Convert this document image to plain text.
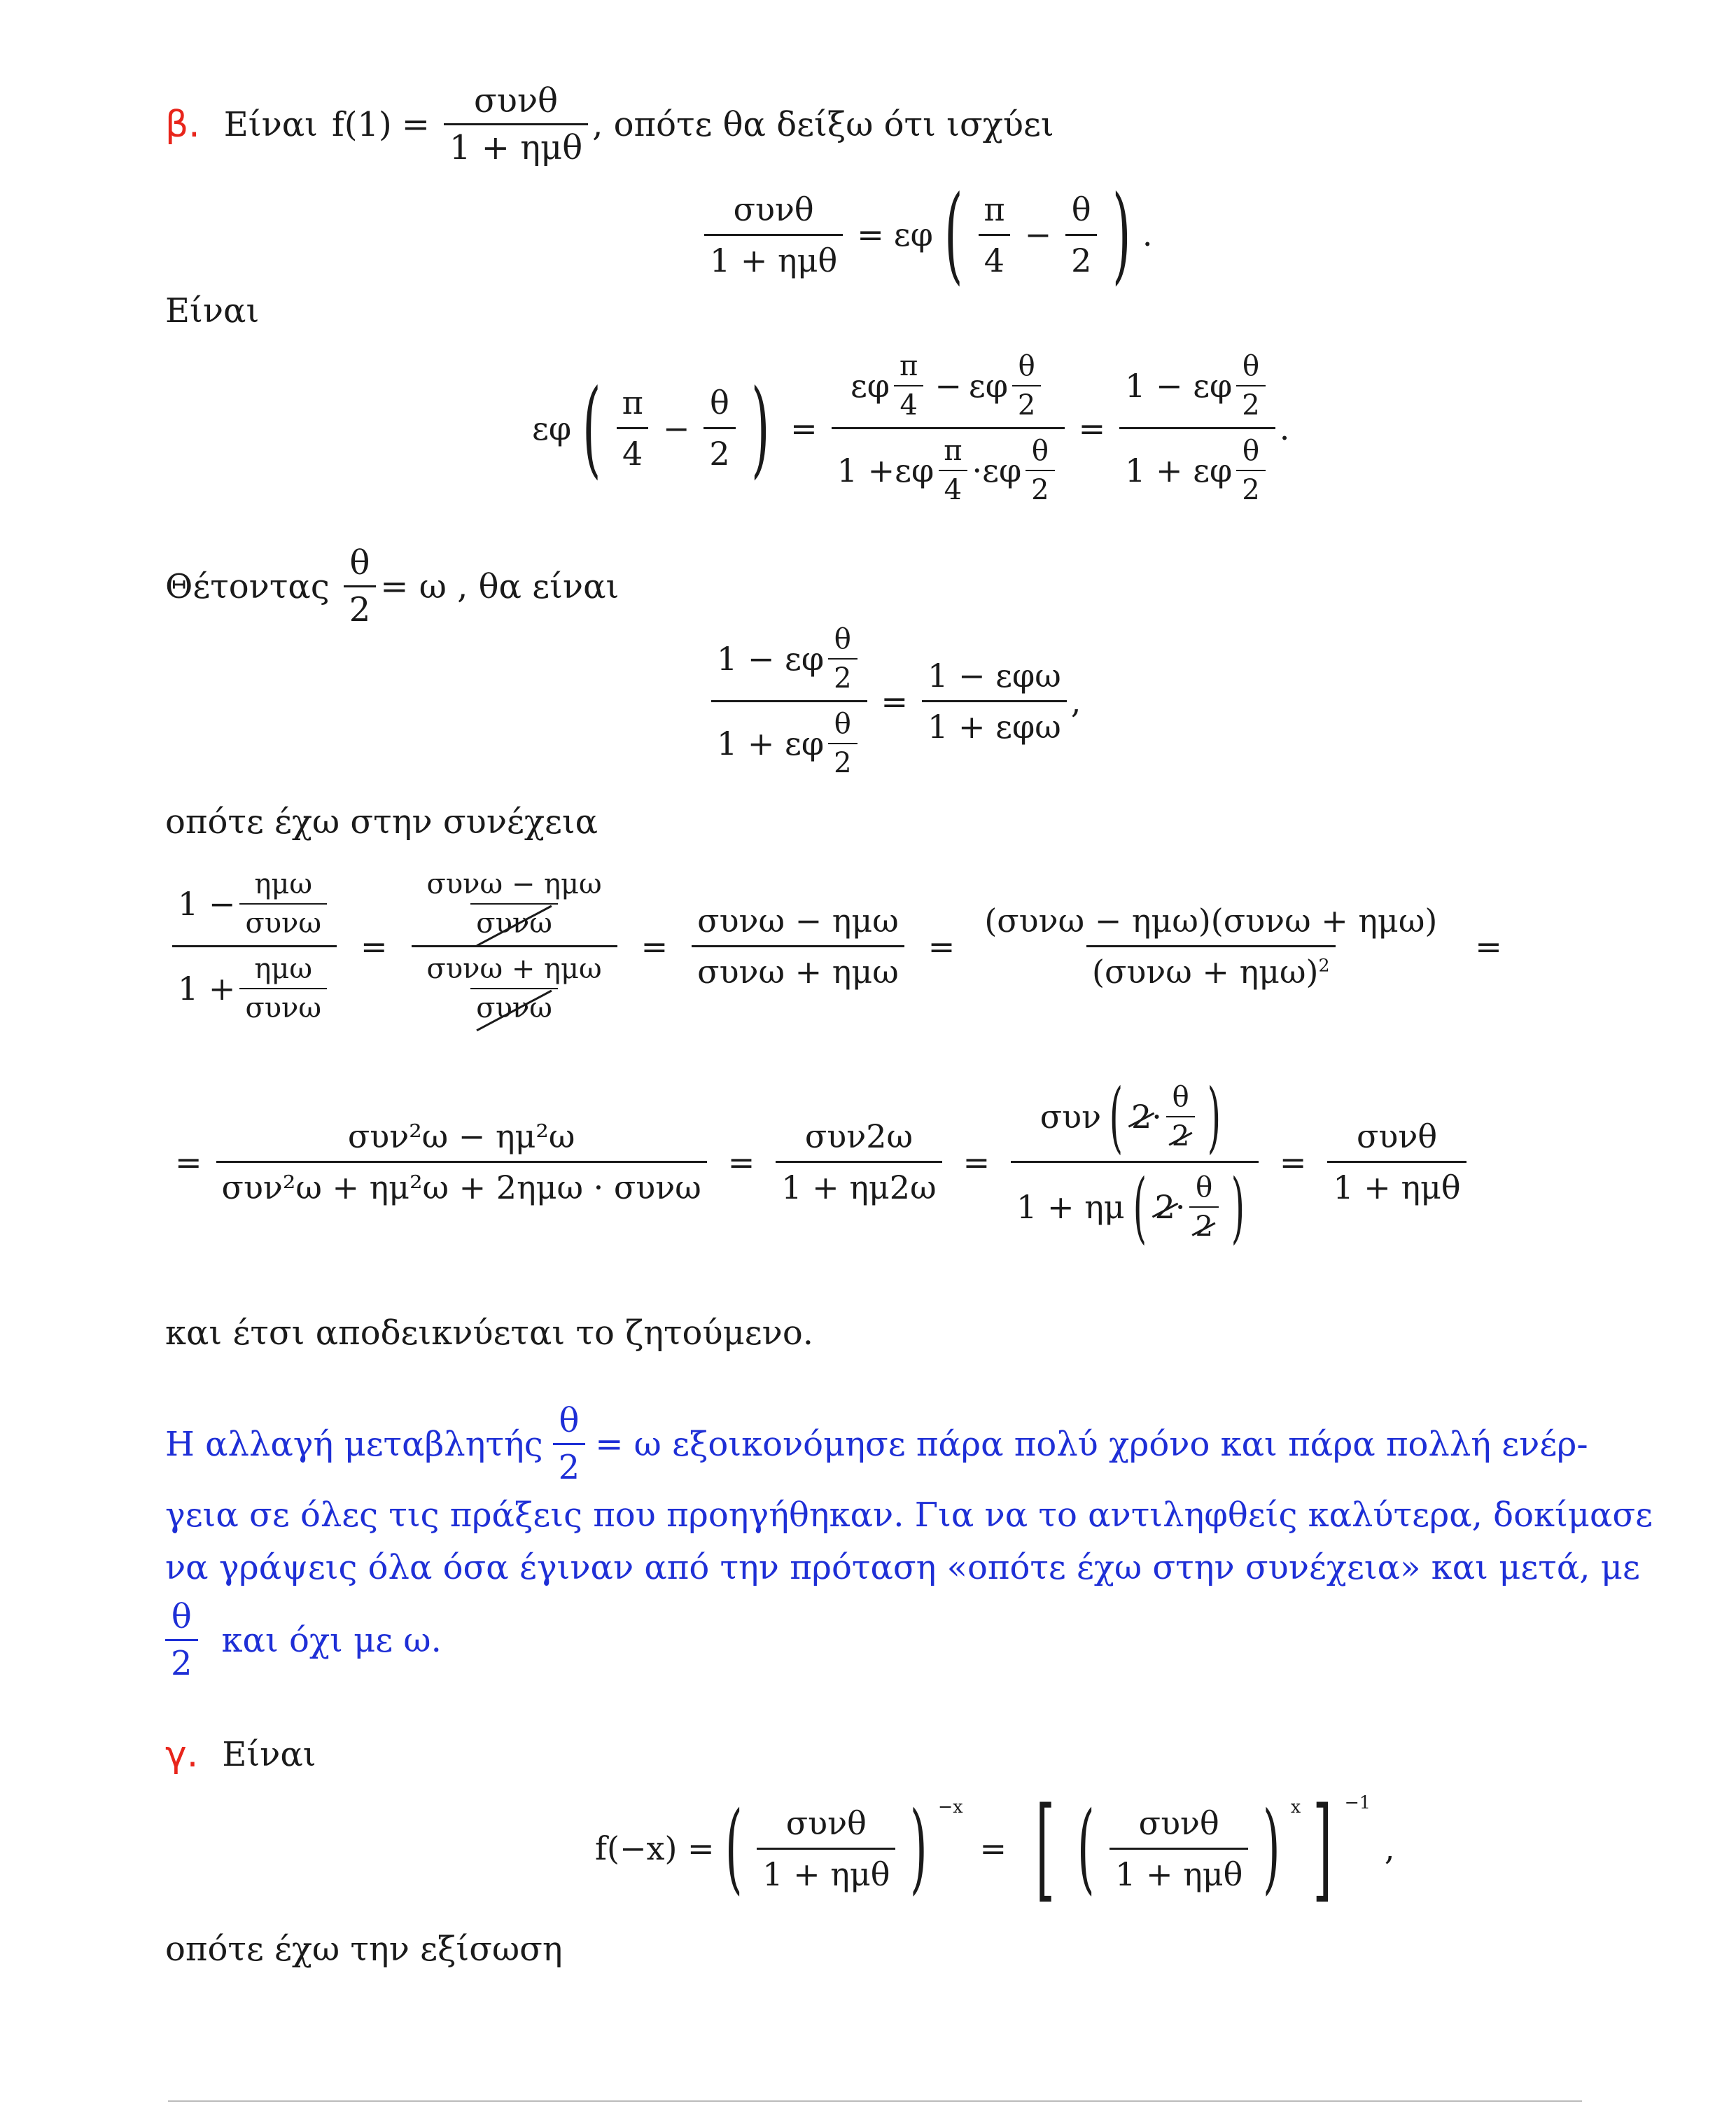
β. Είναι $f(1) = \frac{\text{συνθ}}{\text{1 + ημθ}}$ , οπότε θα δείξω ότι ισχύει
$\frac{\text{συνθ}}{\text{1 + ημθ}} = \varepsilon\varphi$ ( $\frac{\pi}{4} - \frac{\theta}{2}$ ) .
Είναι
εφ ( $\frac{\pi}{4} - \frac{\theta}{2}$ ) = $\frac{\varepsilon\varphi \frac{\pi}{4} - \varepsilon\varphi \frac{\theta}{2}}{1 + \varepsilon\varphi \frac{\pi}{4} \cdot \varepsilon\varphi \frac{\theta}{2}} = \frac{1 - \varepsilon\varphi \frac{\theta}{2}}{1 + \varepsilon\varphi \frac{\theta}{2}}$ .
Θέτοντας $\frac{\theta}{2} = \omega$ , θα είναι
$\frac{1 - \varepsilon\varphi \frac{\theta}{2}}{1 + \varepsilon\varphi \frac{\theta}{2}} = \frac{\text{1 − εφω}}{\text{1 + εφω}}$ ,
οπότε έχω στην συνέχεια
$\frac{1 - \frac{\text{ημω}}{\text{συνω}}}{1 + \frac{\text{ημω}}{\text{συνω}}} = \frac{\frac{\text{συνω − ημω}}{\text{συνω}}}{\frac{\text{συνω + ημω}}{\text{συνω}}} = \frac{\text{συνω − ημω}}{\text{συνω + ημω}} = \frac{\text{(συνω − ημω)(συνω + ημω)}}{(\sigma\upsilon\nu\omega + \eta\mu\omega)^2}$ =
= $\frac{\text{συν²ω − ημ²ω}}{\text{συν²ω + ημ²ω + 2ημω · συνω}} = \frac{\text{συν2ω}}{1 + \eta\mu 2\omega} = \frac{\sigma\upsilon\nu ( 2 \cdot \frac{\theta}{2} )}{1 + \eta\mu ( 2 \cdot \frac{\theta}{2} )} = \frac{\text{συνθ}}{\text{1 + ημθ}}$
και έτσι αποδεικνύεται το ζητούμενο.
Η αλλαγή μεταβλητής $\frac{\theta}{2} = \omega$ εξοικονόμησε πάρα πολύ χρόνο και πάρα πολλή ενέρ-
γεια σε όλες τις πράξεις που προηγήθηκαν. Για να το αντιληφθείς καλύτερα, δοκίμασε
να γράψεις όλα όσα έγιναν από την πρόταση «οπότε έχω στην συνέχεια» και μετά, με
$\frac{\theta}{2}$ και όχι με ω.
γ. Είναι
f(−x) = ( $\frac{\text{συνθ}}{\text{1 + ημθ}}$ ) $^{-x}$
= [ ( $\frac{\text{συνθ}}{\text{1 + ημθ}}$ ) $^x$ ] $^{-1}$
,
οπότε έχω την εξίσωση
